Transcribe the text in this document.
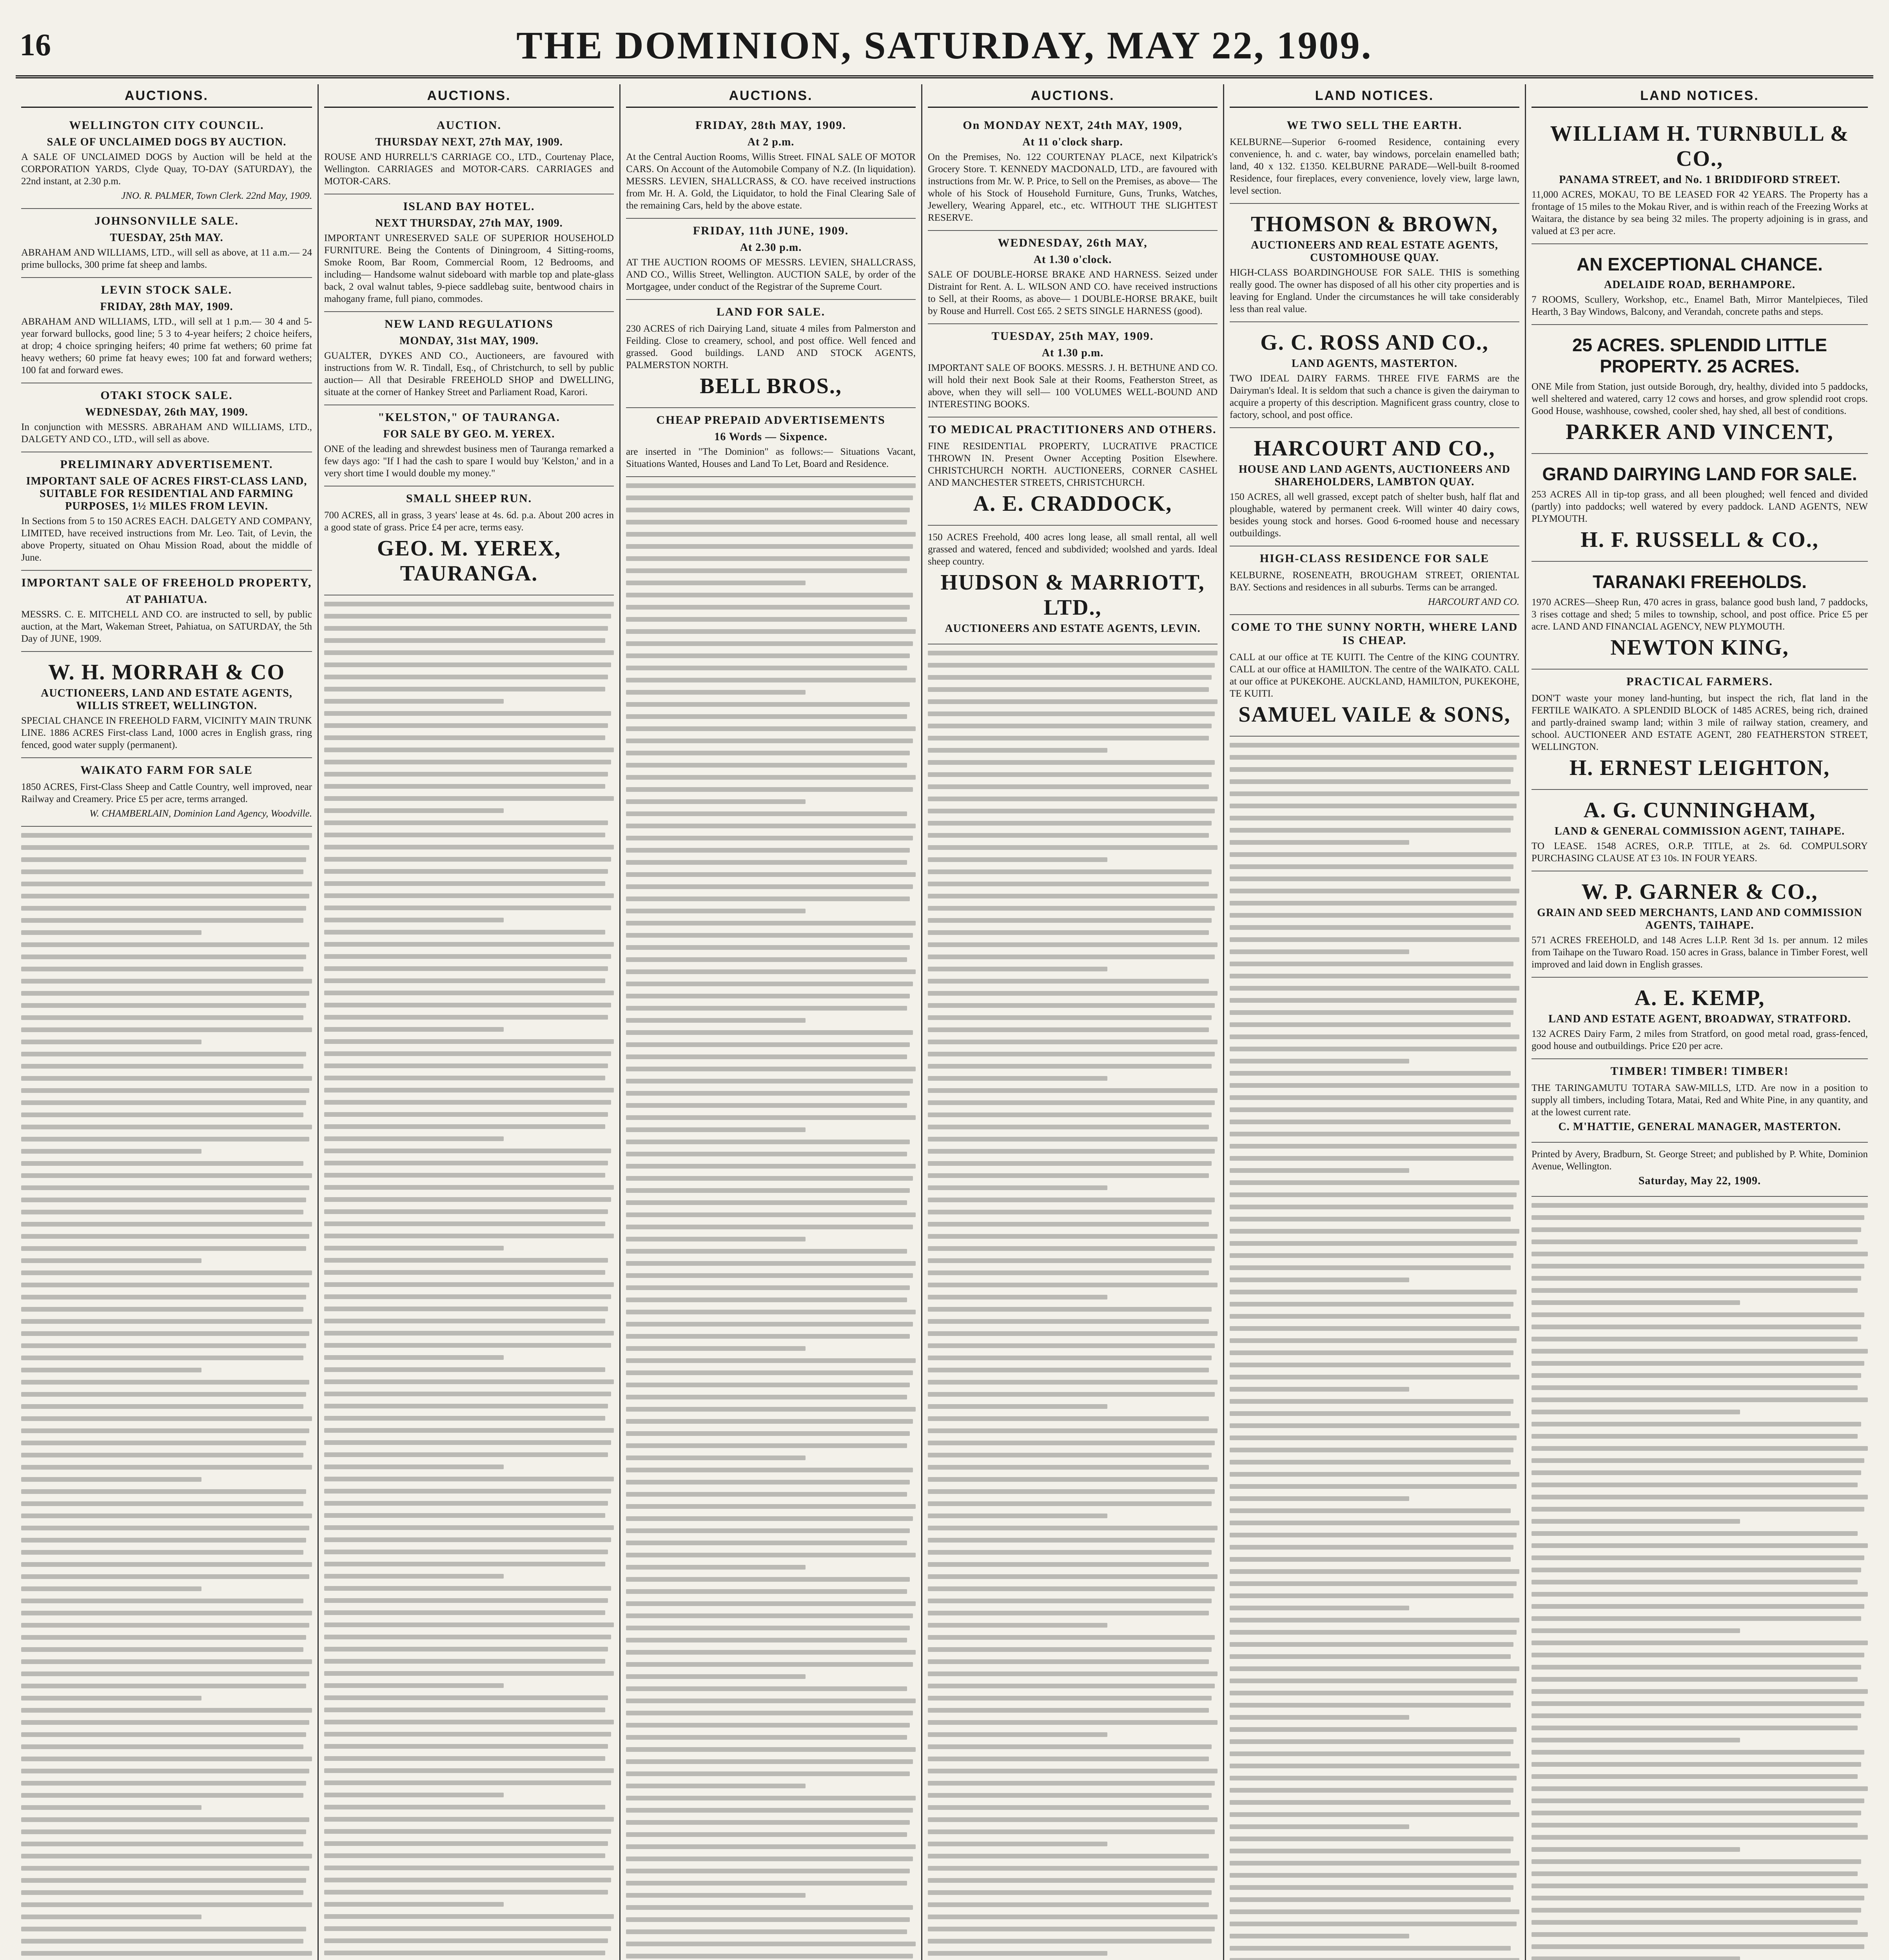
16	THE DOMINION, SATURDAY, MAY 22, 1909.
AUCTIONS.
WELLINGTON CITY COUNCIL.
SALE OF UNCLAIMED DOGS BY AUCTION.
A SALE OF UNCLAIMED DOGS by Auction will be held at the CORPORATION YARDS, Clyde Quay, TO-DAY (SATURDAY), the 22nd instant, at 2.30 p.m.
JNO. R. PALMER, Town Clerk. 22nd May, 1909.
JOHNSONVILLE SALE.
TUESDAY, 25th MAY.
ABRAHAM AND WILLIAMS, LTD., will sell as above, at 11 a.m.— 24 prime bullocks, 300 prime fat sheep and lambs.
LEVIN STOCK SALE.
FRIDAY, 28th MAY, 1909.
ABRAHAM AND WILLIAMS, LTD., will sell at 1 p.m.— 30 4 and 5-year forward bullocks, good line; 5 3 to 4-year heifers; 2 choice heifers, at drop; 4 choice springing heifers; 40 prime fat wethers; 60 prime fat heavy wethers; 60 prime fat heavy ewes; 100 fat and forward wethers; 100 fat and forward ewes.
OTAKI STOCK SALE.
WEDNESDAY, 26th MAY, 1909.
In conjunction with MESSRS. ABRAHAM AND WILLIAMS, LTD., DALGETY AND CO., LTD., will sell as above.
PRELIMINARY ADVERTISEMENT.
IMPORTANT SALE OF ACRES FIRST-CLASS LAND, SUITABLE FOR RESIDENTIAL AND FARMING PURPOSES, 1½ MILES FROM LEVIN.
In Sections from 5 to 150 ACRES EACH. DALGETY AND COMPANY, LIMITED, have received instructions from Mr. Leo. Tait, of Levin, the above Property, situated on Ohau Mission Road, about the middle of June.
IMPORTANT SALE OF FREEHOLD PROPERTY,
AT PAHIATUA.
MESSRS. C. E. MITCHELL AND CO. are instructed to sell, by public auction, at the Mart, Wakeman Street, Pahiatua, on SATURDAY, the 5th Day of JUNE, 1909.
W. H. MORRAH & CO
AUCTIONEERS, LAND AND ESTATE AGENTS, WILLIS STREET, WELLINGTON.
SPECIAL CHANCE IN FREEHOLD FARM, VICINITY MAIN TRUNK LINE. 1886 ACRES First-class Land, 1000 acres in English grass, ring fenced, good water supply (permanent).
WAIKATO FARM FOR SALE
1850 ACRES, First-Class Sheep and Cattle Country, well improved, near Railway and Creamery. Price £5 per acre, terms arranged.
W. CHAMBERLAIN, Dominion Land Agency, Woodville.
AUCTIONS.
AUCTION.
THURSDAY NEXT, 27th MAY, 1909.
ROUSE AND HURRELL'S CARRIAGE CO., LTD., Courtenay Place, Wellington. CARRIAGES and MOTOR-CARS. CARRIAGES and MOTOR-CARS.
ISLAND BAY HOTEL.
NEXT THURSDAY, 27th MAY, 1909.
IMPORTANT UNRESERVED SALE OF SUPERIOR HOUSEHOLD FURNITURE. Being the Contents of Diningroom, 4 Sitting-rooms, Smoke Room, Bar Room, Commercial Room, 12 Bedrooms, and including— Handsome walnut sideboard with marble top and plate-glass back, 2 oval walnut tables, 9-piece saddlebag suite, bentwood chairs in mahogany frame, full piano, commodes.
NEW LAND REGULATIONS
MONDAY, 31st MAY, 1909.
GUALTER, DYKES AND CO., Auctioneers, are favoured with instructions from W. R. Tindall, Esq., of Christchurch, to sell by public auction— All that Desirable FREEHOLD SHOP and DWELLING, situate at the corner of Hankey Street and Parliament Road, Karori.
"KELSTON," OF TAURANGA.
FOR SALE BY GEO. M. YEREX.
ONE of the leading and shrewdest business men of Tauranga remarked a few days ago: "If I had the cash to spare I would buy 'Kelston,' and in a very short time I would double my money."
SMALL SHEEP RUN.
700 ACRES, all in grass, 3 years' lease at 4s. 6d. p.a. About 200 acres in a good state of grass. Price £4 per acre, terms easy.
GEO. M. YEREX, TAURANGA.
AUCTIONS.
FRIDAY, 28th MAY, 1909.
At 2 p.m.
At the Central Auction Rooms, Willis Street. FINAL SALE OF MOTOR CARS. On Account of the Automobile Company of N.Z. (In liquidation). MESSRS. LEVIEN, SHALLCRASS, & CO. have received instructions from Mr. H. A. Gold, the Liquidator, to hold the Final Clearing Sale of the remaining Cars, held by the above estate.
FRIDAY, 11th JUNE, 1909.
At 2.30 p.m.
AT THE AUCTION ROOMS OF MESSRS. LEVIEN, SHALLCRASS, AND CO., Willis Street, Wellington. AUCTION SALE, by order of the Mortgagee, under conduct of the Registrar of the Supreme Court.
LAND FOR SALE.
230 ACRES of rich Dairying Land, situate 4 miles from Palmerston and Feilding. Close to creamery, school, and post office. Well fenced and grassed. Good buildings. LAND AND STOCK AGENTS, PALMERSTON NORTH.
BELL BROS.,
CHEAP PREPAID ADVERTISEMENTS
16 Words — Sixpence.
are inserted in "The Dominion" as follows:— Situations Vacant, Situations Wanted, Houses and Land To Let, Board and Residence.
AUCTIONS.
On MONDAY NEXT, 24th MAY, 1909,
At 11 o'clock sharp.
On the Premises, No. 122 COURTENAY PLACE, next Kilpatrick's Grocery Store. T. KENNEDY MACDONALD, LTD., are favoured with instructions from Mr. W. P. Price, to Sell on the Premises, as above— The whole of his Stock of Household Furniture, Guns, Trunks, Watches, Jewellery, Wearing Apparel, etc., etc. WITHOUT THE SLIGHTEST RESERVE.
WEDNESDAY, 26th MAY,
At 1.30 o'clock.
SALE OF DOUBLE-HORSE BRAKE AND HARNESS. Seized under Distraint for Rent. A. L. WILSON AND CO. have received instructions to Sell, at their Rooms, as above— 1 DOUBLE-HORSE BRAKE, built by Rouse and Hurrell. Cost £65. 2 SETS SINGLE HARNESS (good).
TUESDAY, 25th MAY, 1909.
At 1.30 p.m.
IMPORTANT SALE OF BOOKS. MESSRS. J. H. BETHUNE AND CO. will hold their next Book Sale at their Rooms, Featherston Street, as above, when they will sell— 100 VOLUMES WELL-BOUND AND INTERESTING BOOKS.
TO MEDICAL PRACTITIONERS AND OTHERS.
FINE RESIDENTIAL PROPERTY, LUCRATIVE PRACTICE THROWN IN. Present Owner Accepting Position Elsewhere. CHRISTCHURCH NORTH. AUCTIONEERS, CORNER CASHEL AND MANCHESTER STREETS, CHRISTCHURCH.
A. E. CRADDOCK,
150 ACRES Freehold, 400 acres long lease, all small rental, all well grassed and watered, fenced and subdivided; woolshed and yards. Ideal sheep country.
HUDSON & MARRIOTT, LTD.,
AUCTIONEERS AND ESTATE AGENTS, LEVIN.
LAND NOTICES.
WE TWO SELL THE EARTH.
KELBURNE—Superior 6-roomed Residence, containing every convenience, h. and c. water, bay windows, porcelain enamelled bath; land, 40 x 132. £1350. KELBURNE PARADE—Well-built 8-roomed Residence, four fireplaces, every convenience, lovely view, large lawn, level section.
THOMSON & BROWN,
AUCTIONEERS AND REAL ESTATE AGENTS, CUSTOMHOUSE QUAY.
HIGH-CLASS BOARDINGHOUSE FOR SALE. THIS is something really good. The owner has disposed of all his other city properties and is leaving for England. Under the circumstances he will take considerably less than real value.
G. C. ROSS AND CO.,
LAND AGENTS, MASTERTON.
TWO IDEAL DAIRY FARMS. THREE FIVE FARMS are the Dairyman's Ideal. It is seldom that such a chance is given the dairyman to acquire a property of this description. Magnificent grass country, close to factory, school, and post office.
HARCOURT AND CO.,
HOUSE AND LAND AGENTS, AUCTIONEERS AND SHAREHOLDERS, LAMBTON QUAY.
150 ACRES, all well grassed, except patch of shelter bush, half flat and ploughable, watered by permanent creek. Will winter 40 dairy cows, besides young stock and horses. Good 6-roomed house and necessary outbuildings.
HIGH-CLASS RESIDENCE FOR SALE
KELBURNE, ROSENEATH, BROUGHAM STREET, ORIENTAL BAY. Sections and residences in all suburbs. Terms can be arranged.
HARCOURT AND CO.
COME TO THE SUNNY NORTH, WHERE LAND IS CHEAP.
CALL at our office at TE KUITI. The Centre of the KING COUNTRY. CALL at our office at HAMILTON. The centre of the WAIKATO. CALL at our office at PUKEKOHE. AUCKLAND, HAMILTON, PUKEKOHE, TE KUITI.
SAMUEL VAILE & SONS,
LAND NOTICES.
WILLIAM H. TURNBULL & CO.,
PANAMA STREET, and No. 1 BRIDDIFORD STREET.
11,000 ACRES, MOKAU, TO BE LEASED FOR 42 YEARS. The Property has a frontage of 15 miles to the Mokau River, and is within reach of the Freezing Works at Waitara, the distance by sea being 32 miles. The property adjoining is in grass, and valued at £3 per acre.
AN EXCEPTIONAL CHANCE.
ADELAIDE ROAD, BERHAMPORE.
7 ROOMS, Scullery, Workshop, etc., Enamel Bath, Mirror Mantelpieces, Tiled Hearth, 3 Bay Windows, Balcony, and Verandah, concrete paths and steps.
25 ACRES. SPLENDID LITTLE PROPERTY. 25 ACRES.
ONE Mile from Station, just outside Borough, dry, healthy, divided into 5 paddocks, well sheltered and watered, carry 12 cows and horses, and grow splendid root crops. Good House, washhouse, cowshed, cooler shed, hay shed, all best of conditions.
PARKER AND VINCENT,
GRAND DAIRYING LAND FOR SALE.
253 ACRES All in tip-top grass, and all been ploughed; well fenced and divided (partly) into paddocks; well watered by every paddock. LAND AGENTS, NEW PLYMOUTH.
H. F. RUSSELL & CO.,
TARANAKI FREEHOLDS.
1970 ACRES—Sheep Run, 470 acres in grass, balance good bush land, 7 paddocks, 3 rises cottage and shed; 5 miles to township, school, and post office. Price £5 per acre. LAND AND FINANCIAL AGENCY, NEW PLYMOUTH.
NEWTON KING,
PRACTICAL FARMERS.
DON'T waste your money land-hunting, but inspect the rich, flat land in the FERTILE WAIKATO. A SPLENDID BLOCK of 1485 ACRES, being rich, drained and partly-drained swamp land; within 3 mile of railway station, creamery, and school. AUCTIONEER AND ESTATE AGENT, 280 FEATHERSTON STREET, WELLINGTON.
H. ERNEST LEIGHTON,
A. G. CUNNINGHAM,
LAND & GENERAL COMMISSION AGENT, TAIHAPE.
TO LEASE. 1548 ACRES, O.R.P. TITLE, at 2s. 6d. COMPULSORY PURCHASING CLAUSE AT £3 10s. IN FOUR YEARS.
W. P. GARNER & CO.,
GRAIN AND SEED MERCHANTS, LAND AND COMMISSION AGENTS, TAIHAPE.
571 ACRES FREEHOLD, and 148 Acres L.I.P. Rent 3d 1s. per annum. 12 miles from Taihape on the Tuwaro Road. 150 acres in Grass, balance in Timber Forest, well improved and laid down in English grasses.
A. E. KEMP,
LAND AND ESTATE AGENT, BROADWAY, STRATFORD.
132 ACRES Dairy Farm, 2 miles from Stratford, on good metal road, grass-fenced, good house and outbuildings. Price £20 per acre.
TIMBER! TIMBER! TIMBER!
THE TARINGAMUTU TOTARA SAW-MILLS, LTD. Are now in a position to supply all timbers, including Totara, Matai, Red and White Pine, in any quantity, and at the lowest current rate.
C. M'HATTIE, GENERAL MANAGER, MASTERTON.
Printed by Avery, Bradburn, St. George Street; and published by P. White, Dominion Avenue, Wellington.
Saturday, May 22, 1909.
